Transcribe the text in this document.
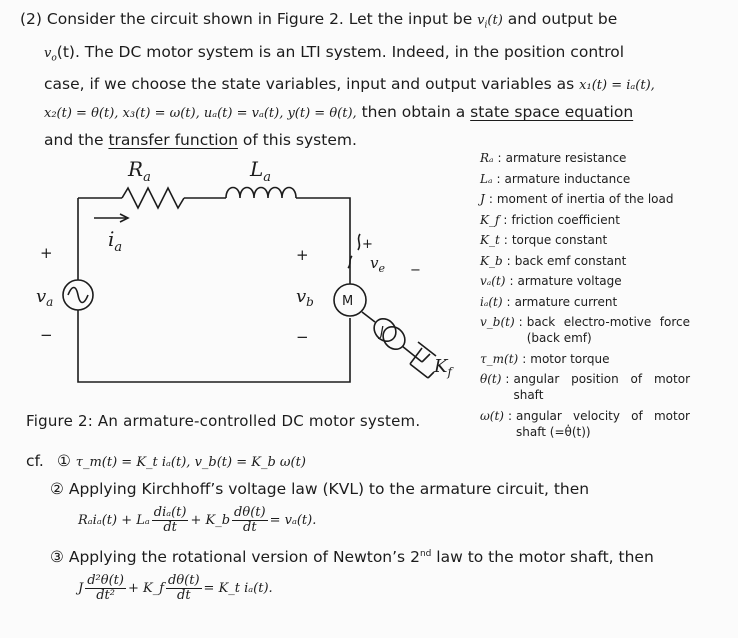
(2) Consider the circuit shown in Figure 2. Let the input be $v_i(t)$ and output be

$v_o(t)$. The DC motor system is an LTI system. Indeed, in the position control
case, if we choose the state variables, input and output variables as x₁(t) = iₐ(t),
x₂(t) = θ(t), x₃(t) = ω(t), uₐ(t) = vₐ(t), y(t) = θ(t), then obtain a state space equation
and the transfer function of this system.
$R_a$	$L_a$
$i_a$
$v_a$	$v_b$
$v_e$
$K_f$
M
J
+
−
+
−
+
−

Figure 2: An armature-controlled DC motor system.

Rₐ : armature resistance
Lₐ : armature inductance
J : moment of inertia of the load
K_f : friction coefficient
K_t : torque constant
K_b : back emf constant
vₐ(t) : armature voltage
iₐ(t) : armature current
v_b(t) : back electro-motive force (back emf)
τ_m(t) : motor torque
θ(t) : angular position of motor shaft
ω(t) : angular velocity of motor shaft (=θ̇(t))
cf. ① τ_m(t) = K_t iₐ(t), v_b(t) = K_b ω(t)
② Applying Kirchhoff’s voltage law (KVL) to the armature circuit, then
Rₐiₐ(t) + Lₐ $\frac{\text{diₐ(t)}}{dt}$ + K_b $\frac{d\theta(t)}{dt} = v_a(t)$.
③ Applying the rotational version of Newton’s 2nd law to the motor shaft, then
J $\frac{\text{d²θ(t)}}{\text{dt²}}$ + K_f $\frac{d\theta(t)}{dt}$ = K_t iₐ(t).
